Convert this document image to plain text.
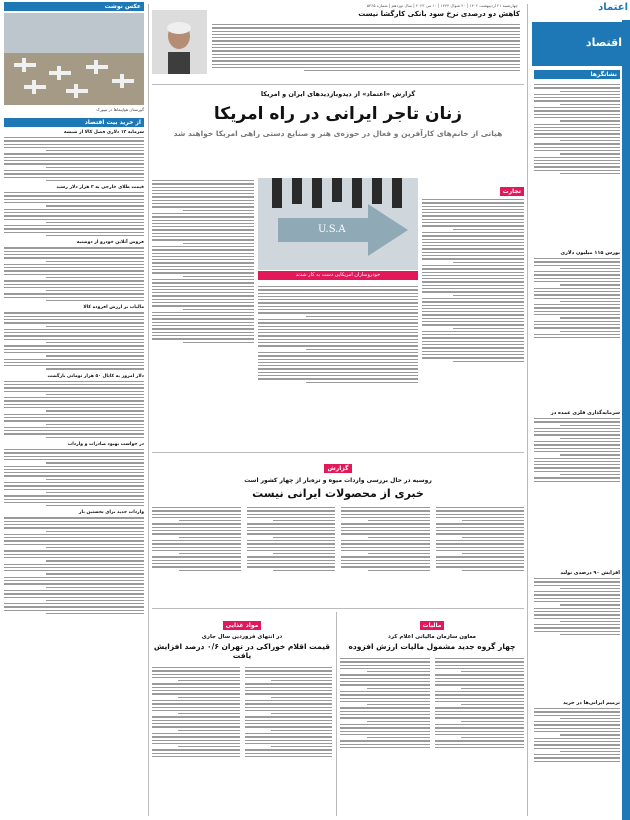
اعتماد
اقتصاد
نشانگرها
بورس ۱۱۵ میلیون دلاری
سرمایه‌گذاری فلزی عمده در
افزایش ۹۰ درصدی تولید
ترمیم ایرانی‌ها در خرید
چهارشنبه ۲۱ اردیبهشت ۱۴۰۲ | ۲۰ شوال ۱۴۴۴ | ۱۰ می ۲۰۲۳ | سال نوزدهم | شماره ۵۴۶۵
عکس نوشت
گورستان هواپیماها در تیپورک
از خرید بیت اقتصاد
سرمایه ۱۲ دلاری فصل کالا از شیشه
قیمت طلای خارجی به ۲ هزار دلار رسید
فروش آنلاین خودرو از دوشنبه
مالیات بر ارزش افزوده کالا
دلار امروز به کانال ۵۰ هزار تومانی بازگشت
در خواست بهبود صادرات و واردات
واردات جدید برای نخستین بار
کاهش دو درصدی نرخ سود بانکی کارگشا نیست
گزارش «اعتماد» از دیدوبازدیدهای ایران و امریکا
زنان تاجر ایرانی در راه امریکا
هیاتی از خانم‌های کارآفرین و فعال در حوزه‌ی هنر و صنایع دستی راهی امریکا خواهند شد
U.S.A
خودروسازان امریکایی دست به کار شدند
تجارت
گزارش
روسیه در حال بررسی واردات میوه و تره‌بار از چهار کشور است
خبری از محصولات ایرانی نیست
مواد غذایی
در انتهای فروردین سال جاری
قیمت اقلام خوراکی در تهران ۰/۶ درصد افزایش یافت
مالیات
معاون سازمان مالیاتی اعلام کرد
چهار گروه جدید مشمول مالیات ارزش افزوده
